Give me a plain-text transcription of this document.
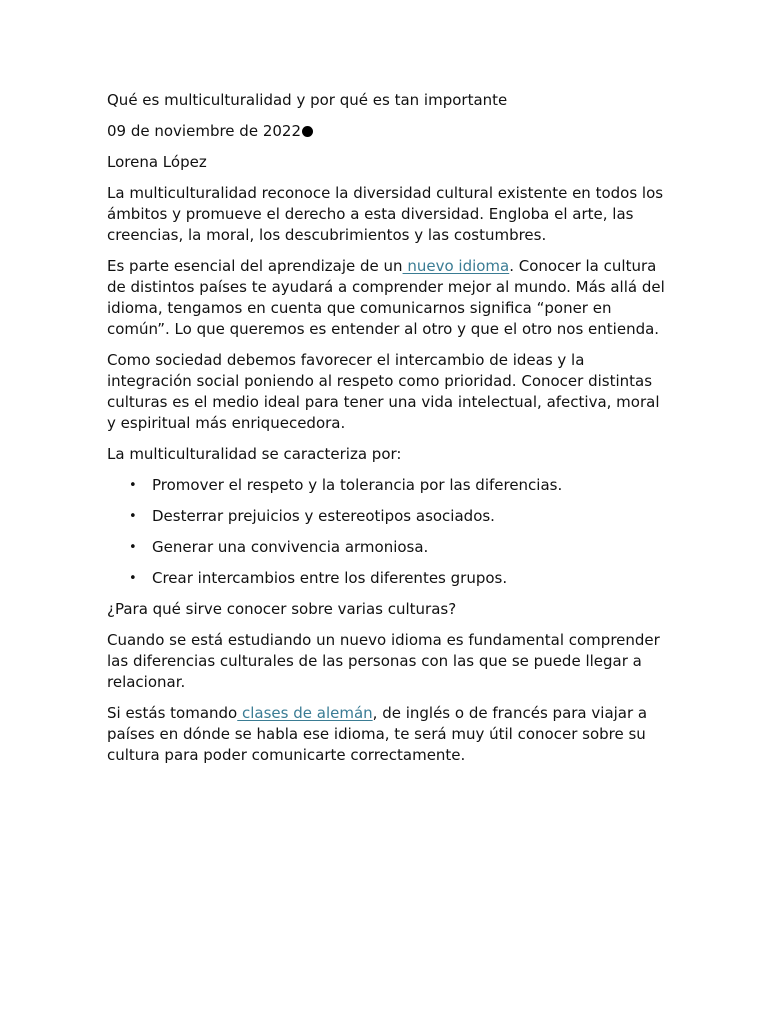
Qué es multiculturalidad y por qué es tan importante

09 de noviembre de 2022

Lorena López

La multiculturalidad reconoce la diversidad cultural existente en todos los ámbitos y promueve el derecho a esta diversidad. Engloba el arte, las creencias, la moral, los descubrimientos y las costumbres.

Es parte esencial del aprendizaje de un nuevo idioma. Conocer la cultura de distintos países te ayudará a comprender mejor al mundo. Más allá del idioma, tengamos en cuenta que comunicarnos significa “poner en común”. Lo que queremos es entender al otro y que el otro nos entienda.

Como sociedad debemos favorecer el intercambio de ideas y la integración social poniendo al respeto como prioridad. Conocer distintas culturas es el medio ideal para tener una vida intelectual, afectiva, moral y espiritual más enriquecedora.

La multiculturalidad se caracteriza por:

• Promover el respeto y la tolerancia por las diferencias.
• Desterrar prejuicios y estereotipos asociados.
• Generar una convivencia armoniosa.
• Crear intercambios entre los diferentes grupos.

¿Para qué sirve conocer sobre varias culturas?

Cuando se está estudiando un nuevo idioma es fundamental comprender las diferencias culturales de las personas con las que se puede llegar a relacionar.

Si estás tomando clases de alemán, de inglés o de francés para viajar a países en dónde se habla ese idioma, te será muy útil conocer sobre su cultura para poder comunicarte correctamente.
